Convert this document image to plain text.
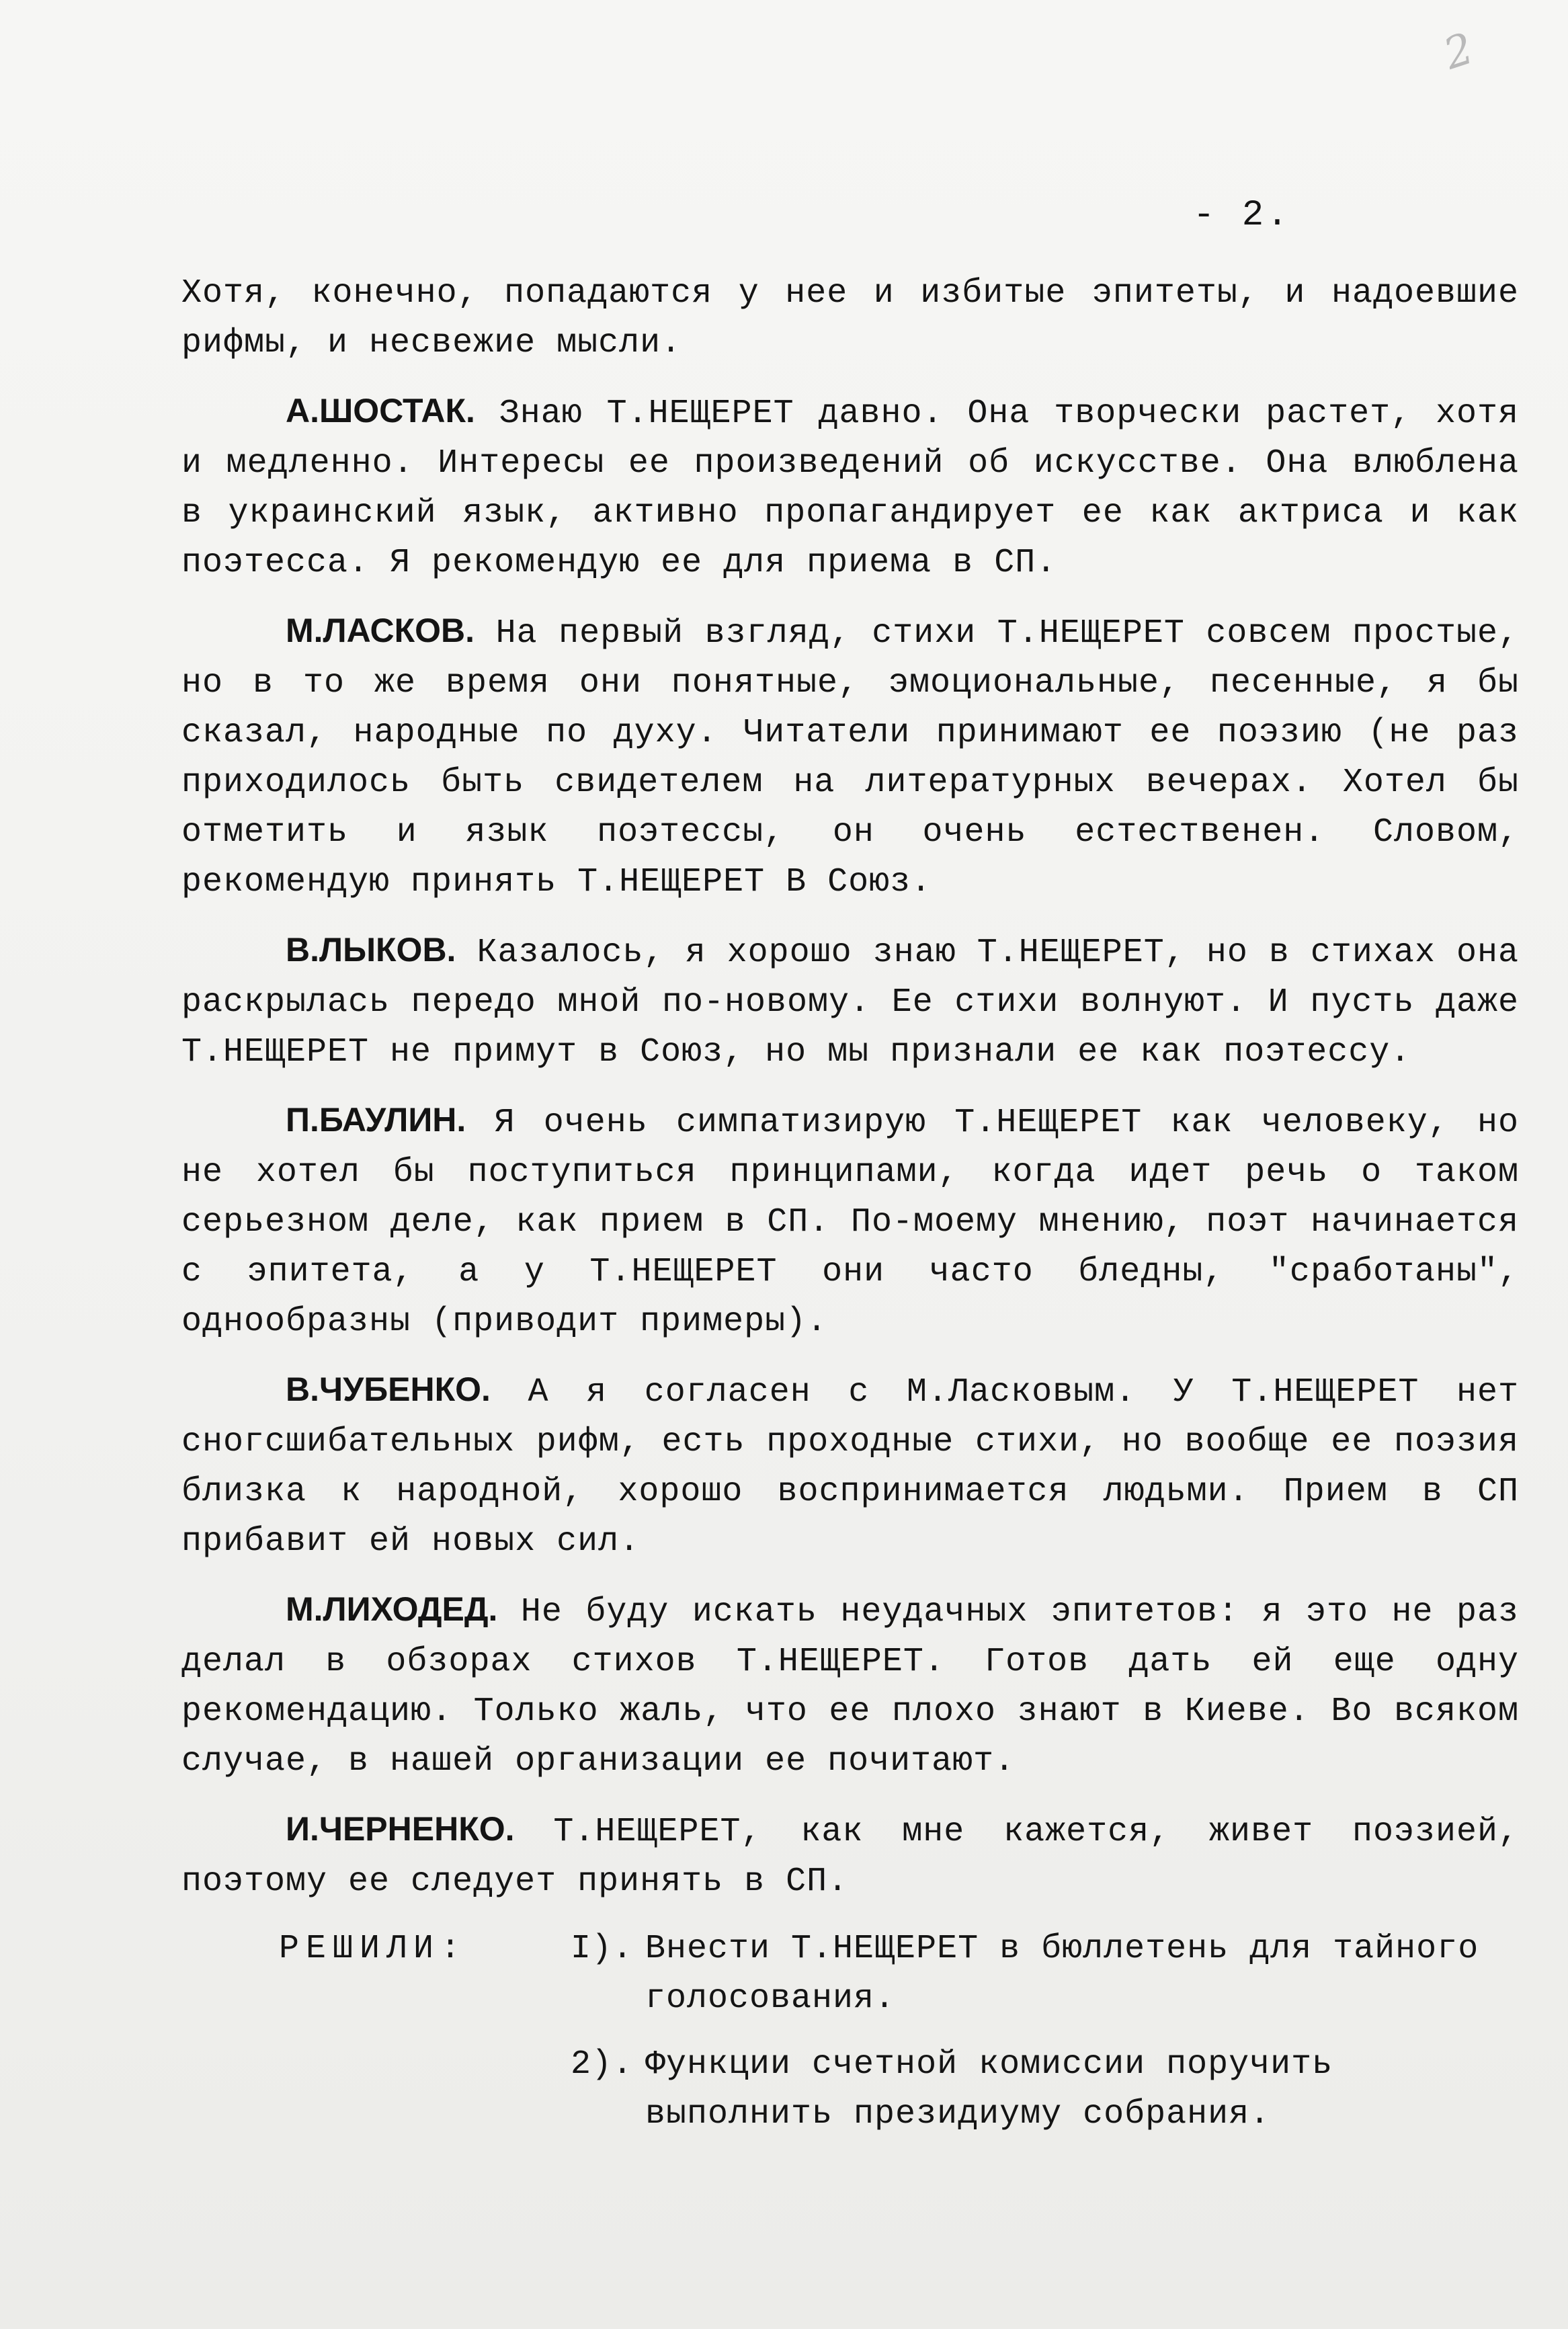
2
- 2.

Хотя, конечно, попадаются у нее и избитые эпитеты, и надоевшие рифмы, и несвежие мысли.

А.ШОСТАК. Знаю Т.НЕЩЕРЕТ давно. Она творчески растет, хотя и медленно. Интересы ее произведений об искусстве. Она влюблена в украинский язык, активно пропагандирует ее как актриса и как поэтесса. Я рекомендую ее для приема в СП.

М.ЛАСКОВ. На первый взгляд, стихи Т.НЕЩЕРЕТ совсем простые, но в то же время они понятные, эмоциональные, песенные, я бы сказал, народные по духу. Читатели принимают ее поэзию (не раз приходилось быть свидетелем на литературных вечерах. Хотел бы отметить и язык поэтессы, он очень естественен. Словом, рекомендую принять Т.НЕЩЕРЕТ В Союз.

В.ЛЫКОВ. Казалось, я хорошо знаю Т.НЕЩЕРЕТ, но в стихах она раскрылась передо мной по-новому. Ее стихи волнуют. И пусть даже Т.НЕЩЕРЕТ не примут в Союз, но мы признали ее как поэтессу.

П.БАУЛИН. Я очень симпатизирую Т.НЕЩЕРЕТ как человеку, но не хотел бы поступиться принципами, когда идет речь о таком серьезном деле, как прием в СП. По-моему мнению, поэт начинается с эпитета, а у Т.НЕЩЕРЕТ они часто бледны, "сработаны", однообразны (приводит примеры).

В.ЧУБЕНКО. А я согласен с М.Ласковым. У Т.НЕЩЕРЕТ нет сногсшибательных рифм, есть проходные стихи, но вообще ее поэзия близка к народной, хорошо воспринимается людьми. Прием в СП прибавит ей новых сил.

М.ЛИХОДЕД. Не буду искать неудачных эпитетов: я это не раз делал в обзорах стихов Т.НЕЩЕРЕТ. Готов дать ей еще одну рекомендацию. Только жаль, что ее плохо знают в Киеве. Во всяком случае, в нашей организации ее почитают.

И.ЧЕРНЕНКО. Т.НЕЩЕРЕТ, как мне кажется, живет поэзией, поэтому ее следует принять в СП.

РЕШИЛИ:	I). Внести Т.НЕЩЕРЕТ в бюллетень для тайного голосования.
2). Функции счетной комиссии поручить выполнить президиуму собрания.
